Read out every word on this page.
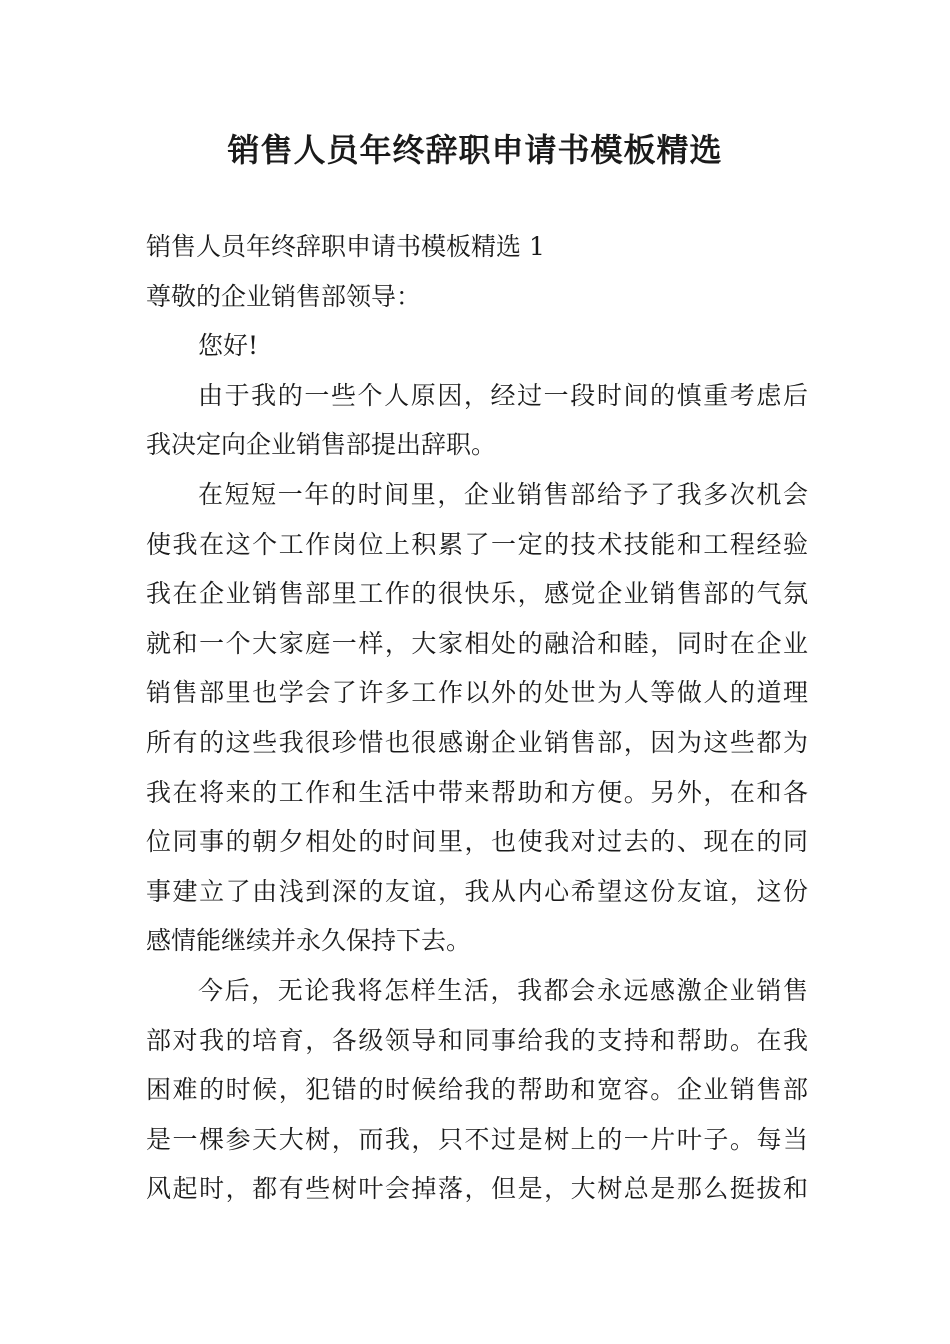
销售人员年终辞职申请书模板精选
销售人员年终辞职申请书模板精选 1
尊敬的企业销售部领导：
您好!
由于我的一些个人原因，经过一段时间的慎重考虑后
我决定向企业销售部提出辞职。
在短短一年的时间里，企业销售部给予了我多次机会
使我在这个工作岗位上积累了一定的技术技能和工程经验
我在企业销售部里工作的很快乐，感觉企业销售部的气氛
就和一个大家庭一样，大家相处的融洽和睦，同时在企业
销售部里也学会了许多工作以外的处世为人等做人的道理
所有的这些我很珍惜也很感谢企业销售部，因为这些都为
我在将来的工作和生活中带来帮助和方便。另外，在和各
位同事的朝夕相处的时间里，也使我对过去的、现在的同
事建立了由浅到深的友谊，我从内心希望这份友谊，这份
感情能继续并永久保持下去。
今后，无论我将怎样生活，我都会永远感激企业销售
部对我的培育，各级领导和同事给我的支持和帮助。在我
困难的时候，犯错的时候给我的帮助和宽容。企业销售部
是一棵参天大树，而我，只不过是树上的一片叶子。每当
风起时，都有些树叶会掉落，但是，大树总是那么挺拔和
